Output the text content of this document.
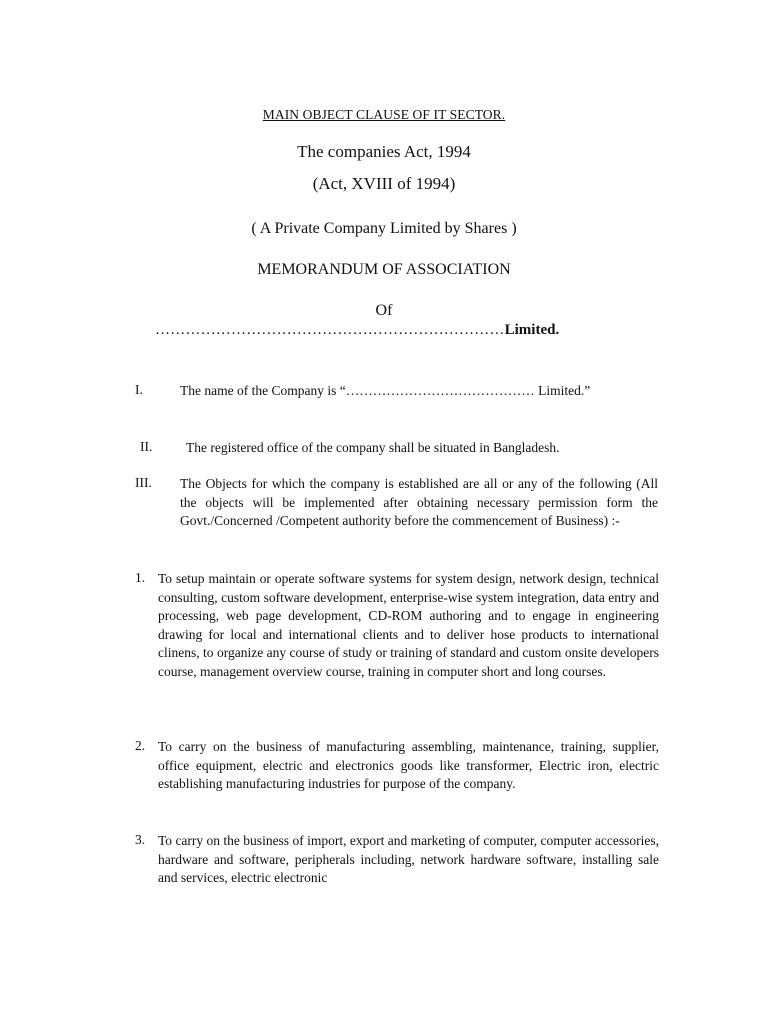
MAIN OBJECT CLAUSE OF IT SECTOR.
The companies Act, 1994
(Act, XVIII of 1994)
( A Private Company Limited by Shares )
MEMORANDUM OF ASSOCIATION
Of
……………………………………………………………Limited.
I.	The name of the Company is “…………………………………… Limited.”
II. The registered office of the company shall be situated in Bangladesh.
III. The Objects for which the company is established are all or any of the following (All the objects will be implemented after obtaining necessary permission form the Govt./Concerned /Competent authority before the commencement of Business) :-
1. To setup maintain or operate software systems for system design, network design, technical consulting, custom software development, enterprise-wise system integration, data entry and processing, web page development, CD-ROM authoring and to engage in engineering drawing for local and international clients and to deliver hose products to international clinens, to organize any course of study or training of standard and custom onsite developers course, management overview course, training in computer short and long courses.
2. To carry on the business of manufacturing assembling, maintenance, training, supplier, office equipment, electric and electronics goods like transformer, Electric iron, electric establishing manufacturing industries for purpose of the company.
3. To carry on the business of import, export and marketing of computer, computer accessories, hardware and software, peripherals including, network hardware software, installing sale and services, electric electronic
